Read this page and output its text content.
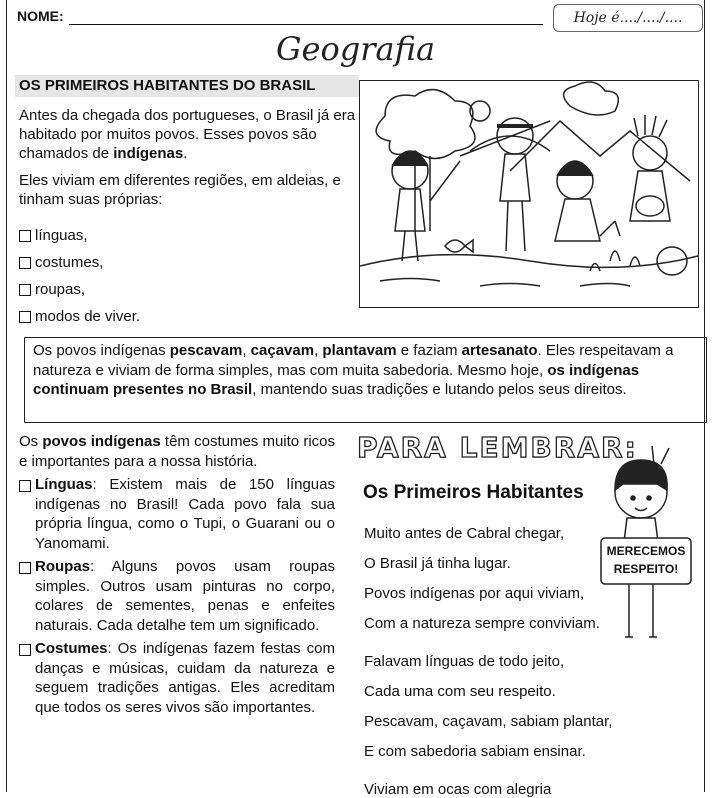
NOME:	Hoje é..../..../....
Geografia
OS PRIMEIROS HABITANTES DO BRASIL

Antes da chegada dos portugueses, o Brasil já era habitado por muitos povos. Esses povos são chamados de indígenas.

Eles viviam em diferentes regiões, em aldeias, e tinham suas próprias:

línguas,
costumes,
roupas,
modos de viver.
Os povos indígenas pescavam, caçavam, plantavam e faziam artesanato. Eles respeitavam a natureza e viviam de forma simples, mas com muita sabedoria. Mesmo hoje, os indígenas continuam presentes no Brasil, mantendo suas tradições e lutando pelos seus direitos.

Os povos indígenas têm costumes muito ricos e importantes para a nossa história.

Línguas: Existem mais de 150 línguas indígenas no Brasil! Cada povo fala sua própria língua, como o Tupi, o Guarani ou o Yanomami.
Roupas: Alguns povos usam roupas simples. Outros usam pinturas no corpo, colares de sementes, penas e enfeites naturais. Cada detalhe tem um significado.
Costumes: Os indígenas fazem festas com danças e músicas, cuidam da natureza e seguem tradições antigas. Eles acreditam que todos os seres vivos são importantes.
PARA LEMBRAR:
Os Primeiros Habitantes
Muito antes de Cabral chegar,
O Brasil já tinha lugar.
Povos indígenas por aqui viviam,
Com a natureza sempre conviviam.
Falavam línguas de todo jeito,
Cada uma com seu respeito.
Pescavam, caçavam, sabiam plantar,
E com sabedoria sabiam ensinar.
Viviam em ocas com alegria
MERECEMOS
RESPEITO!
